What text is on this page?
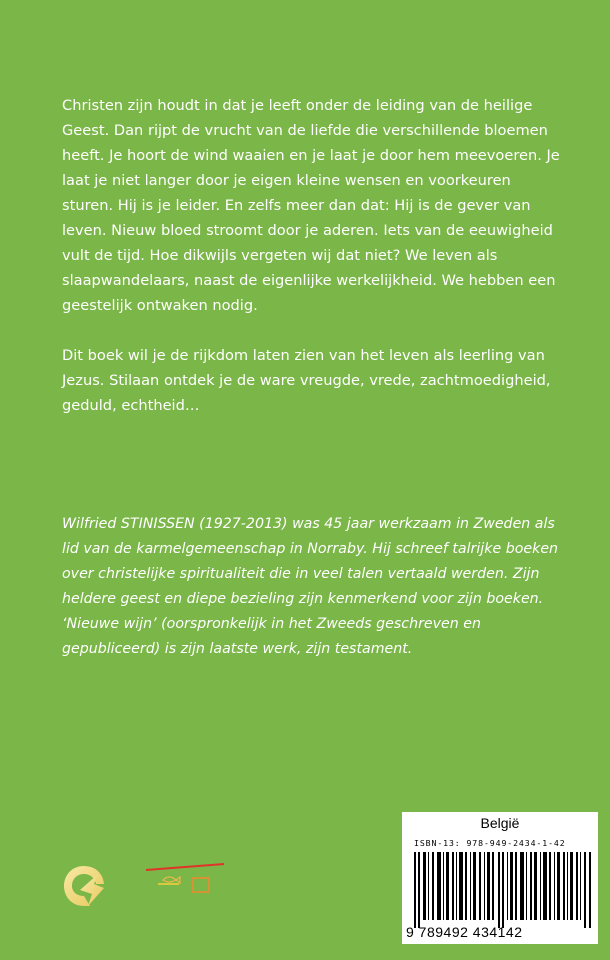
Christen zijn houdt in dat je leeft onder de leiding van de heilige Geest. Dan rijpt de vrucht van de liefde die verschillende bloemen heeft. Je hoort de wind waaien en je laat je door hem meevoeren. Je laat je niet langer door je eigen kleine wensen en voorkeuren sturen. Hij is je leider. En zelfs meer dan dat: Hij is de gever van leven. Nieuw bloed stroomt door je aderen. Iets van de eeuwigheid vult de tijd. Hoe dikwijls vergeten wij dat niet? We leven als slaapwandelaars, naast de eigenlijke werkelijkheid. We hebben een geestelijk ontwaken nodig.

Dit boek wil je de rijkdom laten zien van het leven als leerling van Jezus. Stilaan ontdek je de ware vreugde, vrede, zachtmoedigheid, geduld, echtheid…

Wilfried STINISSEN (1927-2013) was 45 jaar werkzaam in Zweden als lid van de karmelgemeenschap in Norraby. Hij schreef talrijke boeken over christelijke spiritualiteit die in veel talen vertaald werden. Zijn heldere geest en diepe bezieling zijn kenmerkend voor zijn boeken. ‘Nieuwe wijn’ (oorspronkelijk in het Zweeds geschreven en gepubliceerd) is zijn laatste werk, zijn testament.

België
ISBN-13: 978-949-2434-1-42
9 789492 434142
